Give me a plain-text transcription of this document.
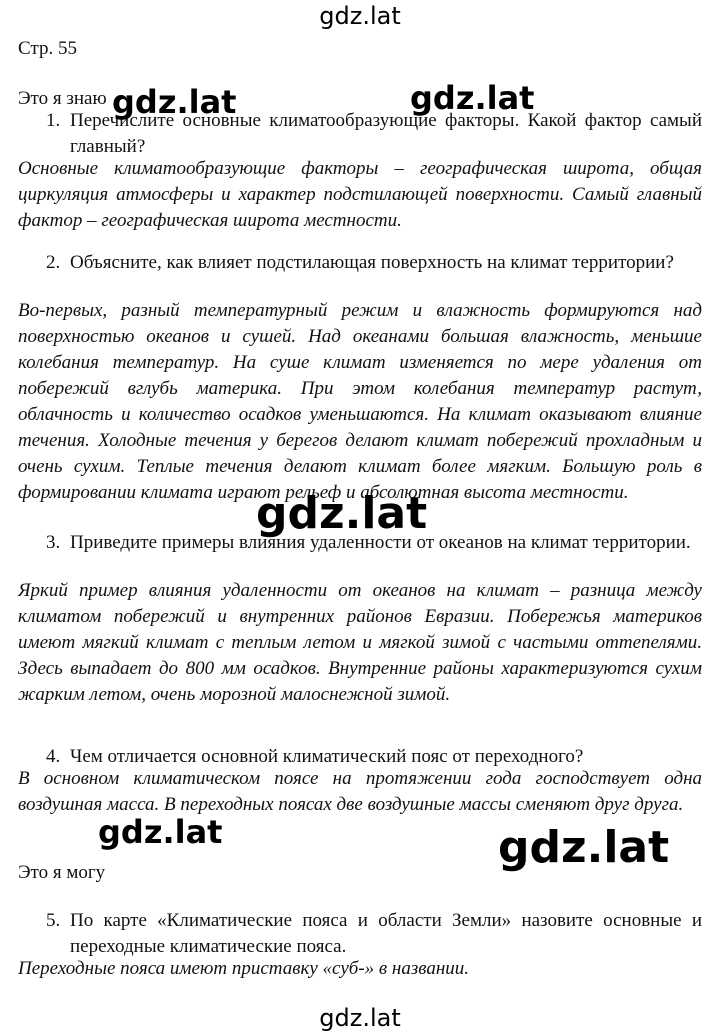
gdz.lat
Стр. 55
Это я знаю
1. Перечислите основные климатообразующие факторы. Какой фактор самый главный?
Основные климатообразующие факторы – географическая широта, общая циркуляция атмосферы и характер подстилающей поверхности. Самый главный фактор – географическая широта местности.
2. Объясните, как влияет подстилающая поверхность на климат территории?
Во-первых, разный температурный режим и влажность формируются над поверхностью океанов и сушей. Над океанами большая влажность, меньшие колебания температур. На суше климат изменяется по мере удаления от побережий вглубь материка. При этом колебания температур растут, облачность и количество осадков уменьшаются. На климат оказывают влияние течения. Холодные течения у берегов делают климат побережий прохладным и очень сухим. Теплые течения делают климат более мягким. Большую роль в формировании климата играют рельеф и абсолютная высота местности.
3. Приведите примеры влияния удаленности от океанов на климат территории.
Яркий пример влияния удаленности от океанов на климат – разница между климатом побережий и внутренних районов Евразии. Побережья материков имеют мягкий климат с теплым летом и мягкой зимой с частыми оттепелями. Здесь выпадает до 800 мм осадков. Внутренние районы характеризуются сухим жарким летом, очень морозной малоснежной зимой.
4. Чем отличается основной климатический пояс от переходного?
В основном климатическом поясе на протяжении года господствует одна воздушная масса. В переходных поясах две воздушные массы сменяют друг друга.
Это я могу
5. По карте «Климатические пояса и области Земли» назовите основные и переходные климатические пояса.
Переходные пояса имеют приставку «суб-» в названии.
gdz.lat	gdz.lat
gdz.lat
gdz.lat	gdz.lat
gdz.lat
